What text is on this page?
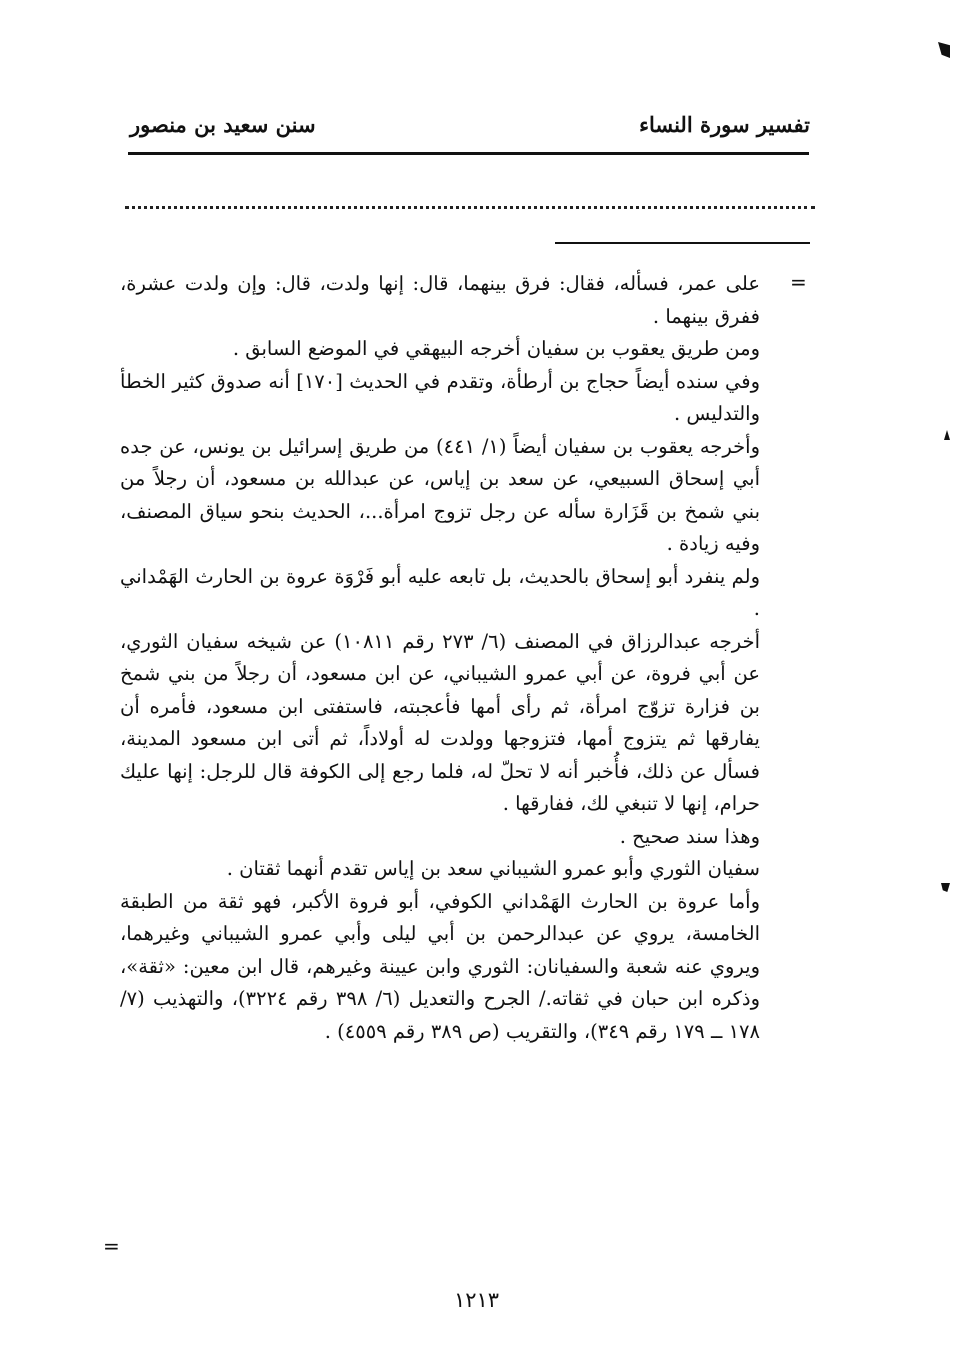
تفسير سورة النساء
سنن سعيد بن منصور
=
=

على عمر، فسأله، فقال: فرق بينهما، قال: إنها ولدت، قال: وإن ولدت عشرة، ففرق بينهما .

ومن طريق يعقوب بن سفيان أخرجه البيهقي في الموضع السابق .

وفي سنده أيضاً حجاج بن أرطأة، وتقدم في الحديث [١٧٠] أنه صدوق كثير الخطأ والتدليس .

وأخرجه يعقوب بن سفيان أيضاً (١/ ٤٤١) من طريق إسرائيل بن يونس، عن جده أبي إسحاق السبيعي، عن سعد بن إياس، عن عبدالله بن مسعود، أن رجلاً من بني شمخ بن قَزَارة سأله عن رجل تزوج امرأة...، الحديث بنحو سياق المصنف، وفيه زيادة .

ولم ينفرد أبو إسحاق بالحديث، بل تابعه عليه أبو فَرْوَة عروة بن الحارث الهَمْداني .

أخرجه عبدالرزاق في المصنف (٦/ ٢٧٣ رقم ١٠٨١١) عن شيخه سفيان الثوري، عن أبي فروة، عن أبي عمرو الشيباني، عن ابن مسعود، أن رجلاً من بني شمخ بن فزارة تزوّج امرأة، ثم رأى أمها فأعجبته، فاستفتى ابن مسعود، فأمره أن يفارقها ثم يتزوج أمها، فتزوجها وولدت له أولاداً، ثم أتى ابن مسعود المدينة، فسأل عن ذلك، فأُخبر أنه لا تحلّ له، فلما رجع إلى الكوفة قال للرجل: إنها عليك حرام، إنها لا تنبغي لك، ففارقها .

وهذا سند صحيح .

سفيان الثوري وأبو عمرو الشيباني سعد بن إياس تقدم أنهما ثقتان .

وأما عروة بن الحارث الهَمْداني الكوفي، أبو فروة الأكبر، فهو ثقة من الطبقة الخامسة، يروي عن عبدالرحمن بن أبي ليلى وأبي عمرو الشيباني وغيرهما، ويروي عنه شعبة والسفيانان: الثوري وابن عيينة وغيرهم، قال ابن معين: «ثقة»، وذكره ابن حبان في ثقاته./ الجرح والتعديل (٦/ ٣٩٨ رقم ٣٢٢٤)، والتهذيب (٧/ ١٧٨ ــ ١٧٩ رقم ٣٤٩)، والتقريب (ص ٣٨٩ رقم ٤٥٥٩) .

١٢١٣
